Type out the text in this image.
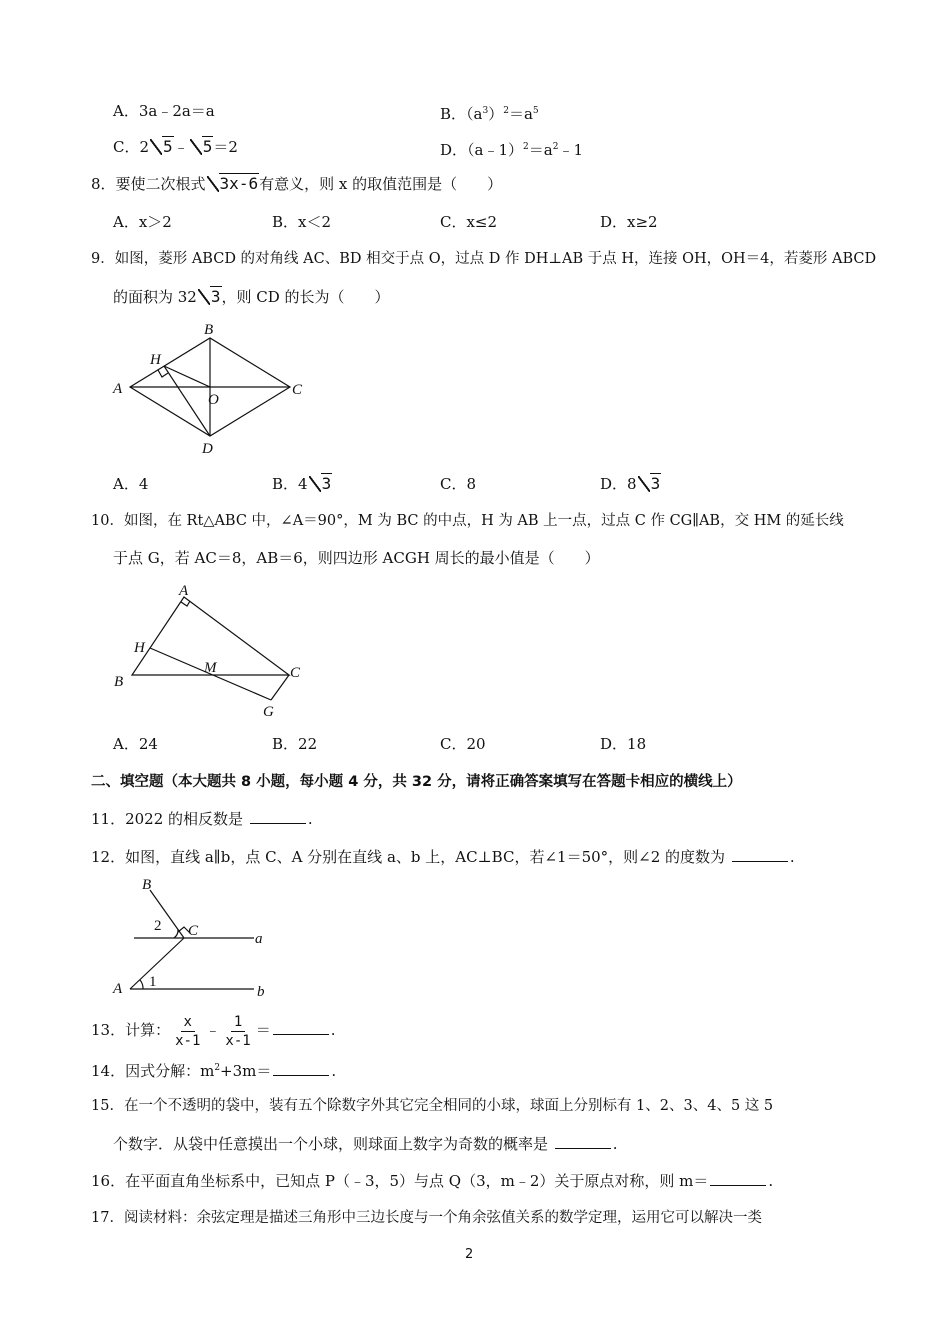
A．3a﹣2a＝a	B．$(a^3)^2=a^5$
C．2 5﹣ 5＝2	D．$(a﹣1)^2=a^2﹣1$
8．要使二次根式 3x-6有意义，则 x 的取值范围是（　　）
A．x＞2	B．x＜2	C．x≤2	D．x≥2
9．如图，菱形 ABCD 的对角线 AC、BD 相交于点 O，过点 D 作 DH⊥AB 于点 H，连接 OH，OH＝4，若菱形 ABCD
的面积为 32 3，则 CD 的长为（　　）
A
B
C
D
H
O
A．4	B．4 3	C．8	D．8 3
10．如图，在 Rt△ABC 中，∠A＝90°，M 为 BC 的中点，H 为 AB 上一点，过点 C 作 CG∥AB，交 HM 的延长线
于点 G，若 AC＝8，AB＝6，则四边形 ACGH 周长的最小值是（　　）
A
B
C
G
H
M
A．24	B．22	C．20	D．18
二、填空题（本大题共 8 小题，每小题 4 分，共 32 分，请将正确答案填写在答题卡相应的横线上）
11．2022 的相反数是	.
12．如图，直线 a∥b，点 C、A 分别在直线 a、b 上，AC⊥BC，若∠1＝50°，则∠2 的度数为	.
B
C	a
b
A 1
2
13．计算： $\frac{x}{x-1}$ ﹣ $\frac{1}{x-1}$ ＝	.
14．因式分解：$m^2+3m=$	.
15．在一个不透明的袋中，装有五个除数字外其它完全相同的小球，球面上分别标有 1、2、3、4、5 这 5
个数字．从袋中任意摸出一个小球，则球面上数字为奇数的概率是	.
16．在平面直角坐标系中，已知点 P（﹣3，5）与点 Q（3，m﹣2）关于原点对称，则 m＝	.
17．阅读材料：余弦定理是描述三角形中三边长度与一个角余弦值关系的数学定理，运用它可以解决一类
2
